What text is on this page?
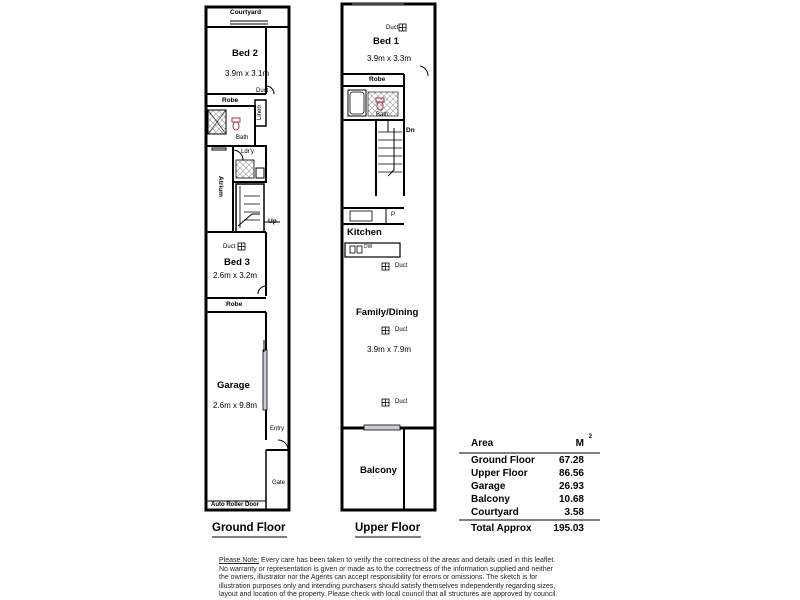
Courtyard
Bed 2
3.9m x 3.1m
Duct
Robe
Linen
Bath
Ldr'y
Atrium
Up
Duct
Bed 3
2.6m x 3.2m
Robe
Garage
2.6m x 9.8m
Entry
Gate
Auto Roller Door
Ground Floor
Duct
Bed 1
3.9m x 3.3m
Robe
Bath
Dn
P
Kitchen
DW
Duct
Family/Dining
Duct
3.9m x 7.9m
Duct
Balcony
Upper Floor
Area	M
2
Ground Floor 67.28
Upper Floor	86.56
Garage	26.93
Balcony	10.68
Courtyard	3.58
Total Approx 195.03
Please Note: Every care has been taken to verify the correctness of the areas and details used in this leaflet.
No warranty or representation is given or made as to the correctness of the information supplied and neither
the owners, illustrator nor the Agents can accept responsibility for errors or omissions. The sketch is for
illustration purposes only and intending purchasers should satisfy themselves independently regarding sizes,
layout and location of the property. Please check with local council that all structures are approved by council.
